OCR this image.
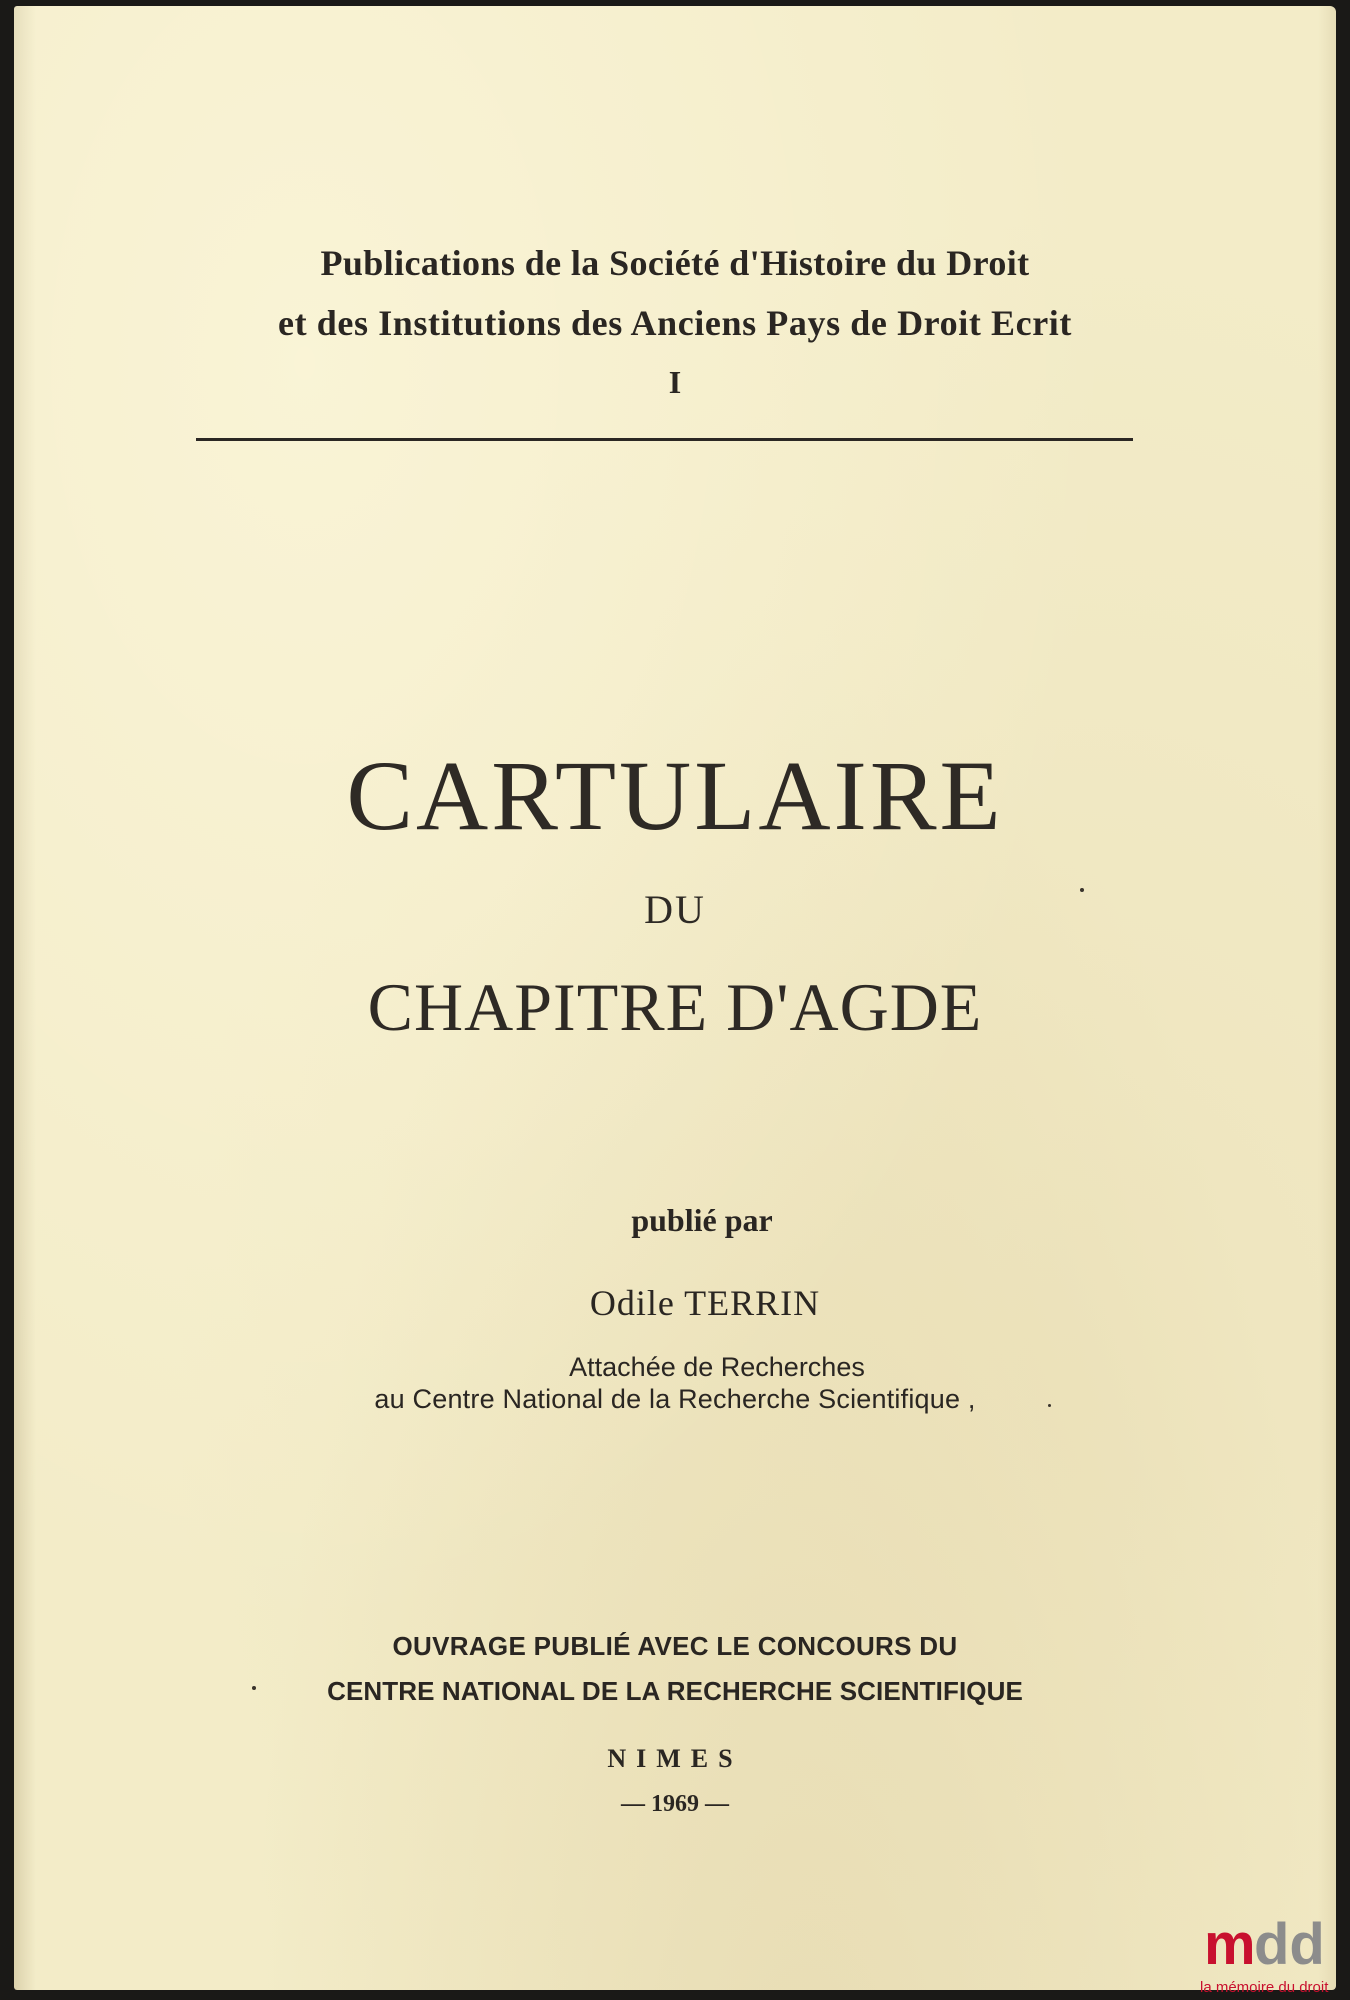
Publications de la Société d'Histoire du Droit
et des Institutions des Anciens Pays de Droit Ecrit
I
CARTULAIRE
DU
CHAPITRE D'AGDE
publié par
Odile TERRIN
Attachée de Recherches
au Centre National de la Recherche Scientifique ,
OUVRAGE PUBLIÉ AVEC LE CONCOURS DU
CENTRE NATIONAL DE LA RECHERCHE SCIENTIFIQUE
NIMES
— 1969 —
m
dd
la mémoire du droit
